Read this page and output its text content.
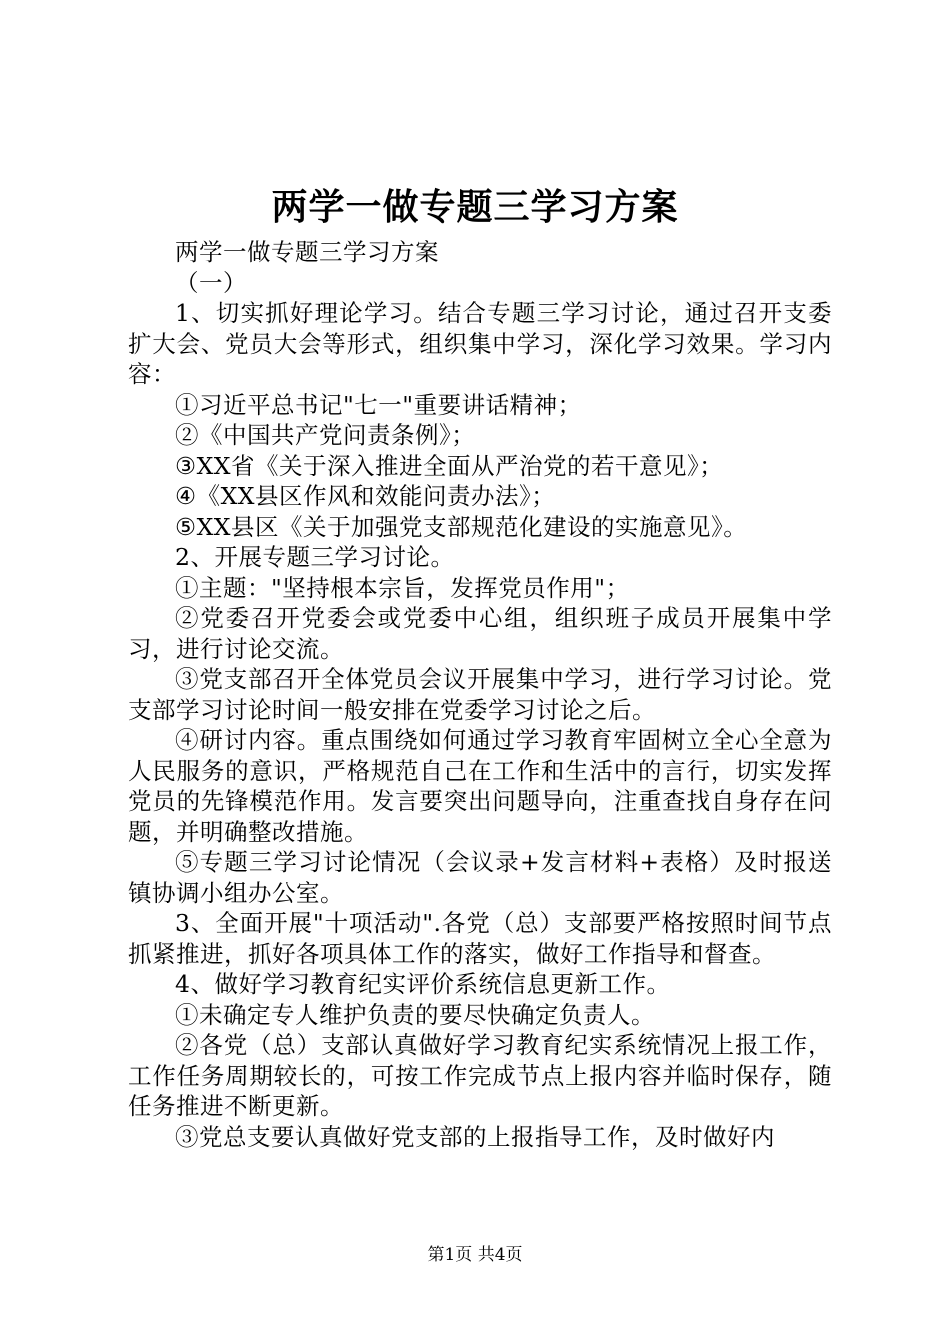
两学一做专题三学习方案

两学一做专题三学习方案

（一）

1、切实抓好理论学习。结合专题三学习讨论，通过召开支委扩大会、党员大会等形式，组织集中学习，深化学习效果。学习内容：

①习近平总书记"七一"重要讲话精神；

②《中国共产党问责条例》；

③XX省《关于深入推进全面从严治党的若干意见》；

④《XX县区作风和效能问责办法》；

⑤XX县区《关于加强党支部规范化建设的实施意见》。

2、开展专题三学习讨论。

①主题："坚持根本宗旨，发挥党员作用"；

②党委召开党委会或党委中心组，组织班子成员开展集中学习，进行讨论交流。

③党支部召开全体党员会议开展集中学习，进行学习讨论。党支部学习讨论时间一般安排在党委学习讨论之后。

④研讨内容。重点围绕如何通过学习教育牢固树立全心全意为人民服务的意识，严格规范自己在工作和生活中的言行，切实发挥党员的先锋模范作用。发言要突出问题导向，注重查找自身存在问题，并明确整改措施。

⑤专题三学习讨论情况（会议录+发言材料+表格）及时报送镇协调小组办公室。

3、全面开展"十项活动".各党（总）支部要严格按照时间节点抓紧推进，抓好各项具体工作的落实，做好工作指导和督查。

4、做好学习教育纪实评价系统信息更新工作。

①未确定专人维护负责的要尽快确定负责人。

②各党（总）支部认真做好学习教育纪实系统情况上报工作，工作任务周期较长的，可按工作完成节点上报内容并临时保存，随任务推进不断更新。

③党总支要认真做好党支部的上报指导工作，及时做好内

第1页 共4页
